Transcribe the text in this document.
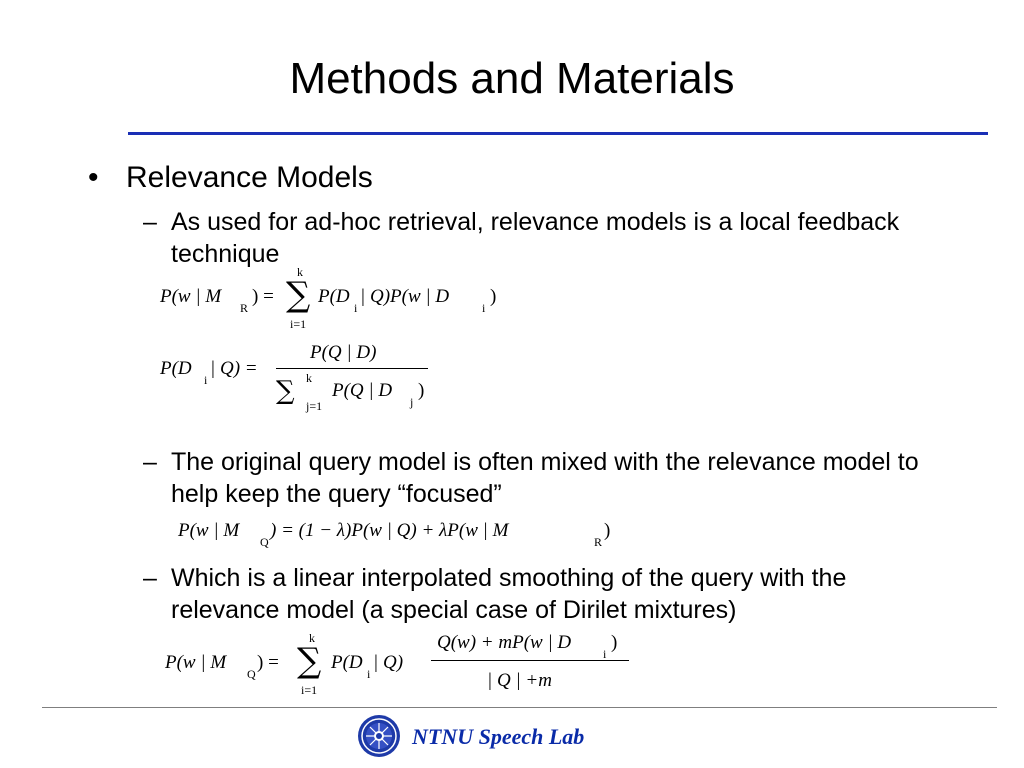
Methods and Materials
• Relevance Models
– As used for ad-hoc retrieval, relevance models is a local feedback technique
P(w | M
R
) =
k
∑
i=1
P(D
i
| Q)P(w | D
i
)
P(D
i
| Q) =
P(Q | D)
∑ k
j=1
P(Q | D
j
)
– The original query model is often mixed with the relevance model to help keep the query “focused”
P(w | M
Q
) = (1 − λ)P(w | Q) + λP(w | M
R
)
– Which is a linear interpolated smoothing of the query with the relevance model (a special case of Dirilet mixtures)
P(w | M
Q
) =
k
∑
i=1
P(D
i
| Q)
Q(w) + mP(w | D
i
)
| Q | +m
NTNU Speech Lab
